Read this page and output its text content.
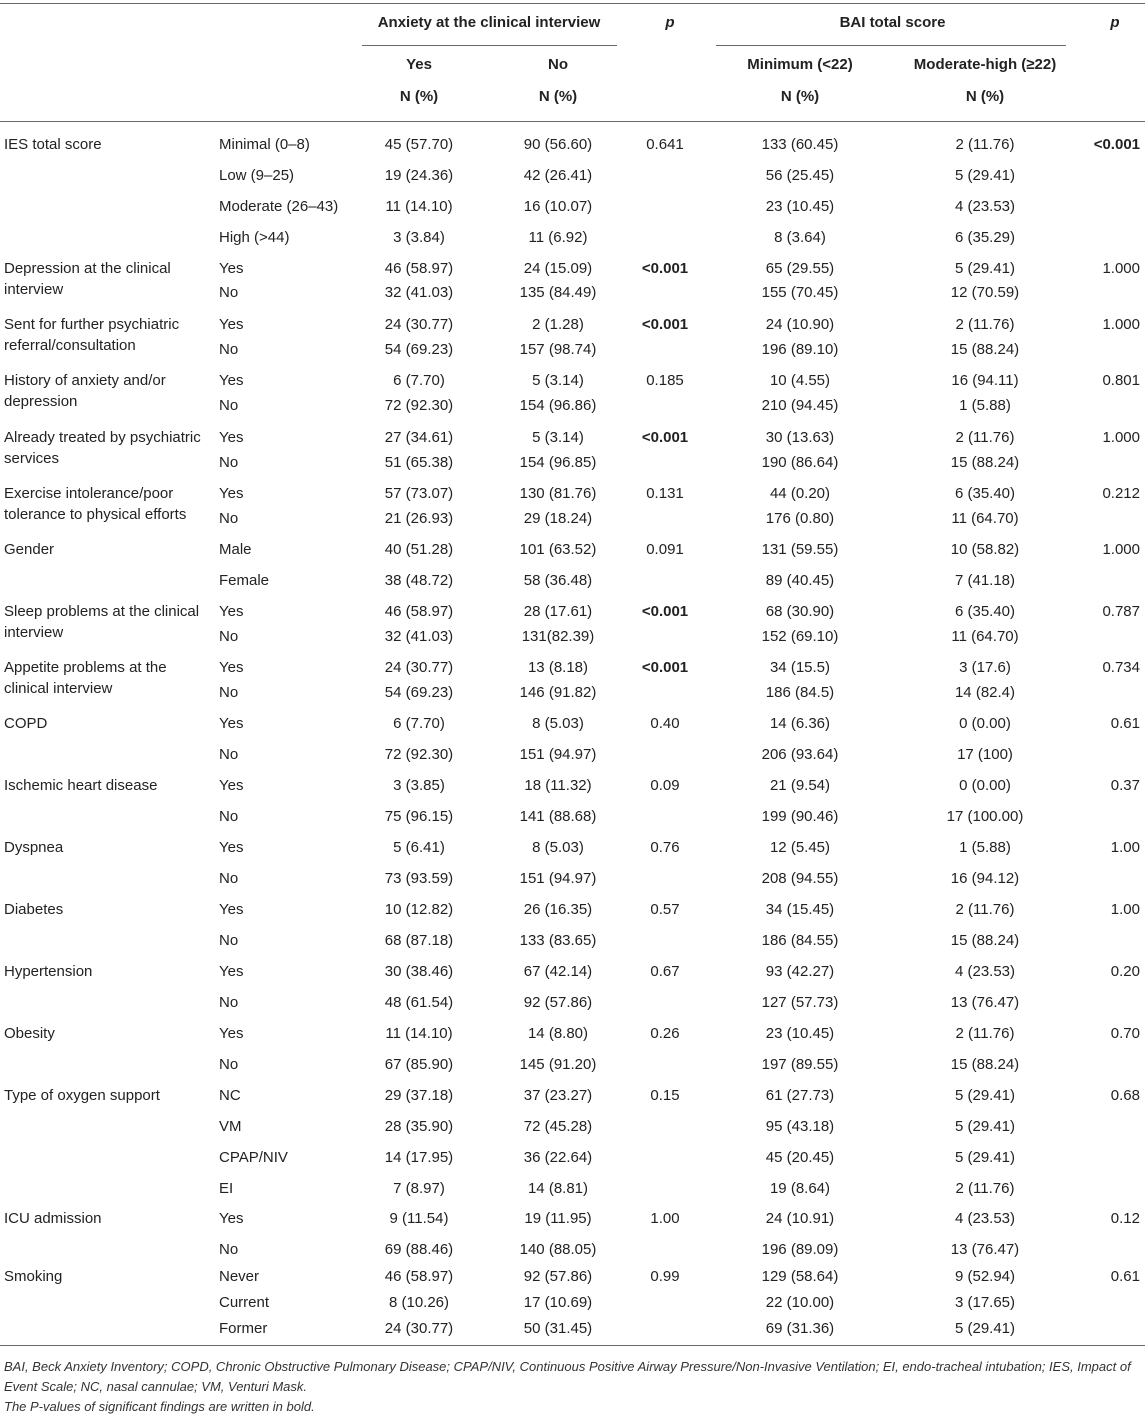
Anxiety at the clinical interview	p	BAI total score	p
Yes	No	Minimum (<22)	Moderate-high (≥22)
N (%)	N (%)	N (%)	N (%)
IES total score	Minimal (0–8)	45 (57.70)	90 (56.60)	0.641	133 (60.45)	2 (11.76)	<0.001
Low (9–25)	19 (24.36)	42 (26.41)	56 (25.45)	5 (29.41)
Moderate (26–43)	11 (14.10)	16 (10.07)	23 (10.45)	4 (23.53)
High (>44)	3 (3.84)	11 (6.92)	8 (3.64)	6 (35.29)
Depression at the clinical interview
Yes	46 (58.97)	24 (15.09)	<0.001	65 (29.55)	5 (29.41)	1.000
No	32 (41.03)	135 (84.49)	155 (70.45)	12 (70.59)
Sent for further psychiatric referral/consultation
Yes	24 (30.77)	2 (1.28)	<0.001	24 (10.90)	2 (11.76)	1.000
No	54 (69.23)	157 (98.74)	196 (89.10)	15 (88.24)
History of anxiety and/or depression
Yes	6 (7.70)	5 (3.14)	0.185	10 (4.55)	16 (94.11)	0.801
No	72 (92.30)	154 (96.86)	210 (94.45)	1 (5.88)
Already treated by psychiatric services
Yes	27 (34.61)	5 (3.14)	<0.001	30 (13.63)	2 (11.76)	1.000
No	51 (65.38)	154 (96.85)	190 (86.64)	15 (88.24)
Exercise intolerance/poor tolerance to physical efforts
Yes	57 (73.07)	130 (81.76)	0.131	44 (0.20)	6 (35.40)	0.212
No	21 (26.93)	29 (18.24)	176 (0.80)	11 (64.70)
Gender	Male	40 (51.28)	101 (63.52)	0.091	131 (59.55)	10 (58.82)	1.000
Female	38 (48.72)	58 (36.48)	89 (40.45)	7 (41.18)
Sleep problems at the clinical interview
Yes	46 (58.97)	28 (17.61)	<0.001	68 (30.90)	6 (35.40)	0.787
No	32 (41.03)	131(82.39)	152 (69.10)	11 (64.70)
Appetite problems at the clinical interview
Yes	24 (30.77)	13 (8.18)	<0.001	34 (15.5)	3 (17.6)	0.734
No	54 (69.23)	146 (91.82)	186 (84.5)	14 (82.4)
COPD	Yes	6 (7.70)	8 (5.03)	0.40	14 (6.36)	0 (0.00)	0.61
No	72 (92.30)	151 (94.97)	206 (93.64)	17 (100)
Ischemic heart disease	Yes	3 (3.85)	18 (11.32)	0.09	21 (9.54)	0 (0.00)	0.37
No	75 (96.15)	141 (88.68)	199 (90.46)	17 (100.00)
Dyspnea	Yes	5 (6.41)	8 (5.03)	0.76	12 (5.45)	1 (5.88)	1.00
No	73 (93.59)	151 (94.97)	208 (94.55)	16 (94.12)
Diabetes	Yes	10 (12.82)	26 (16.35)	0.57	34 (15.45)	2 (11.76)	1.00
No	68 (87.18)	133 (83.65)	186 (84.55)	15 (88.24)
Hypertension	Yes	30 (38.46)	67 (42.14)	0.67	93 (42.27)	4 (23.53)	0.20
No	48 (61.54)	92 (57.86)	127 (57.73)	13 (76.47)
Obesity	Yes	11 (14.10)	14 (8.80)	0.26	23 (10.45)	2 (11.76)	0.70
No	67 (85.90)	145 (91.20)	197 (89.55)	15 (88.24)
Type of oxygen support	NC	29 (37.18)	37 (23.27)	0.15	61 (27.73)	5 (29.41)	0.68
VM	28 (35.90)	72 (45.28)	95 (43.18)	5 (29.41)
CPAP/NIV	14 (17.95)	36 (22.64)	45 (20.45)	5 (29.41)
EI	7 (8.97)	14 (8.81)	19 (8.64)	2 (11.76)
ICU admission	Yes	9 (11.54)	19 (11.95)	1.00	24 (10.91)	4 (23.53)	0.12
No	69 (88.46)	140 (88.05)	196 (89.09)	13 (76.47)
Smoking	Never	46 (58.97)	92 (57.86)	0.99	129 (58.64)	9 (52.94)	0.61
Current	8 (10.26)	17 (10.69)	22 (10.00)	3 (17.65)
Former	24 (30.77)	50 (31.45)	69 (31.36)	5 (29.41)
BAI, Beck Anxiety Inventory; COPD, Chronic Obstructive Pulmonary Disease; CPAP/NIV, Continuous Positive Airway Pressure/Non-Invasive Ventilation; EI, endo-tracheal intubation; IES, Impact of Event Scale; NC, nasal cannulae; VM, Venturi Mask.
The P-values of significant findings are written in bold.
